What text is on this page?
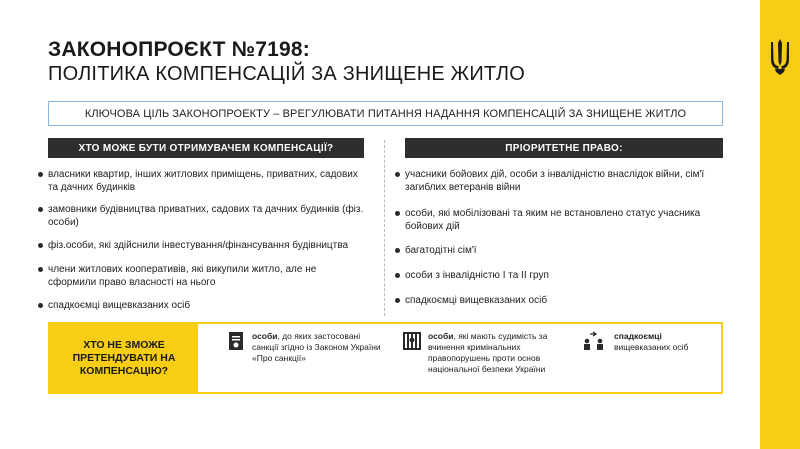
ЗАКОНОПРОЄКТ №7198:
ПОЛІТИКА КОМПЕНСАЦІЙ ЗА ЗНИЩЕНЕ ЖИТЛО
КЛЮЧОВА ЦІЛЬ ЗАКОНОПРОЕКТУ – ВРЕГУЛЮВАТИ ПИТАННЯ НАДАННЯ КОМПЕНСАЦІЙ ЗА ЗНИЩЕНЕ ЖИТЛО
ХТО МОЖЕ БУТИ ОТРИМУВАЧЕМ КОМПЕНСАЦІЇ?	ПРІОРИТЕТНЕ ПРАВО:
власники квартир, інших житлових приміщень, приватних, садових та дачних будинків
замовники будівництва приватних, садових та дачних будинків (фіз. особи)
фіз.особи, які здійснили інвестування/фінансування будівництва
члени житлових кооперативів, які викупили житло, але не сформили право власності на нього
спадкоємці вищевказаних осіб
учасники бойових дій, особи з інвалідністю внаслідок війни, сім'ї загиблих ветеранів війни
особи, які мобілізовані та яким не встановлено статус учасника бойових дій
багатодітні сім'ї
особи з інвалідністю І та ІІ груп
спадкоємці вищевказаних осіб
ХТО НЕ ЗМОЖЕ
ПРЕТЕНДУВАТИ НА
КОМПЕНСАЦІЮ?
особи, до яких застосовані санкції згідно із Законом України «Про санкції»
особи, які мають судимість за вчинення кримінальних правопорушень проти основ національної безпеки України
спадкоємці вищевказаних осіб
